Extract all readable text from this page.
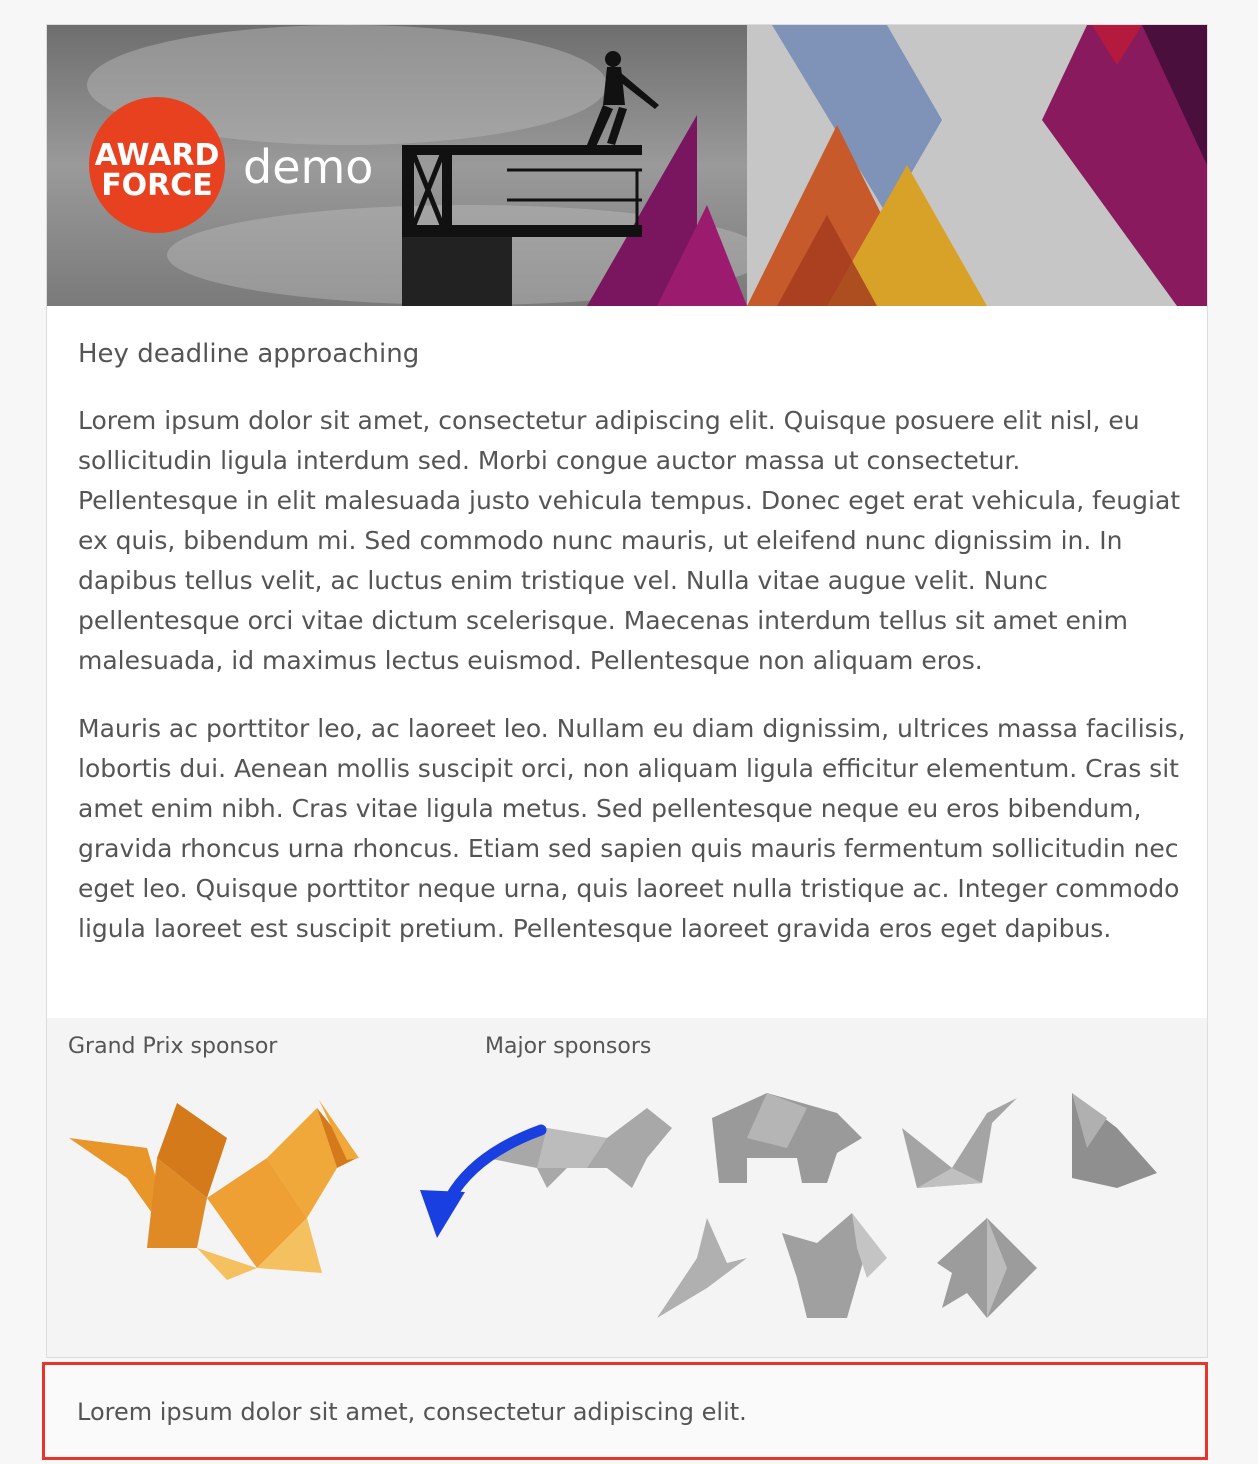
AWARD
FORCE demo

Hey deadline approaching

Lorem ipsum dolor sit amet, consectetur adipiscing elit. Quisque posuere elit nisl, eu sollicitudin ligula interdum sed. Morbi congue auctor massa ut consectetur. Pellentesque in elit malesuada justo vehicula tempus. Donec eget erat vehicula, feugiat ex quis, bibendum mi. Sed commodo nunc mauris, ut eleifend nunc dignissim in. In dapibus tellus velit, ac luctus enim tristique vel. Nulla vitae augue velit. Nunc pellentesque orci vitae dictum scelerisque. Maecenas interdum tellus sit amet enim malesuada, id maximus lectus euismod. Pellentesque non aliquam eros.

Mauris ac porttitor leo, ac laoreet leo. Nullam eu diam dignissim, ultrices massa facilisis, lobortis dui. Aenean mollis suscipit orci, non aliquam ligula efficitur elementum. Cras sit amet enim nibh. Cras vitae ligula metus. Sed pellentesque neque eu eros bibendum, gravida rhoncus urna rhoncus. Etiam sed sapien quis mauris fermentum sollicitudin nec eget leo. Quisque porttitor neque urna, quis laoreet nulla tristique ac. Integer commodo ligula laoreet est suscipit pretium. Pellentesque laoreet gravida eros eget dapibus.

Grand Prix sponsor	Major sponsors
Lorem ipsum dolor sit amet, consectetur adipiscing elit.
